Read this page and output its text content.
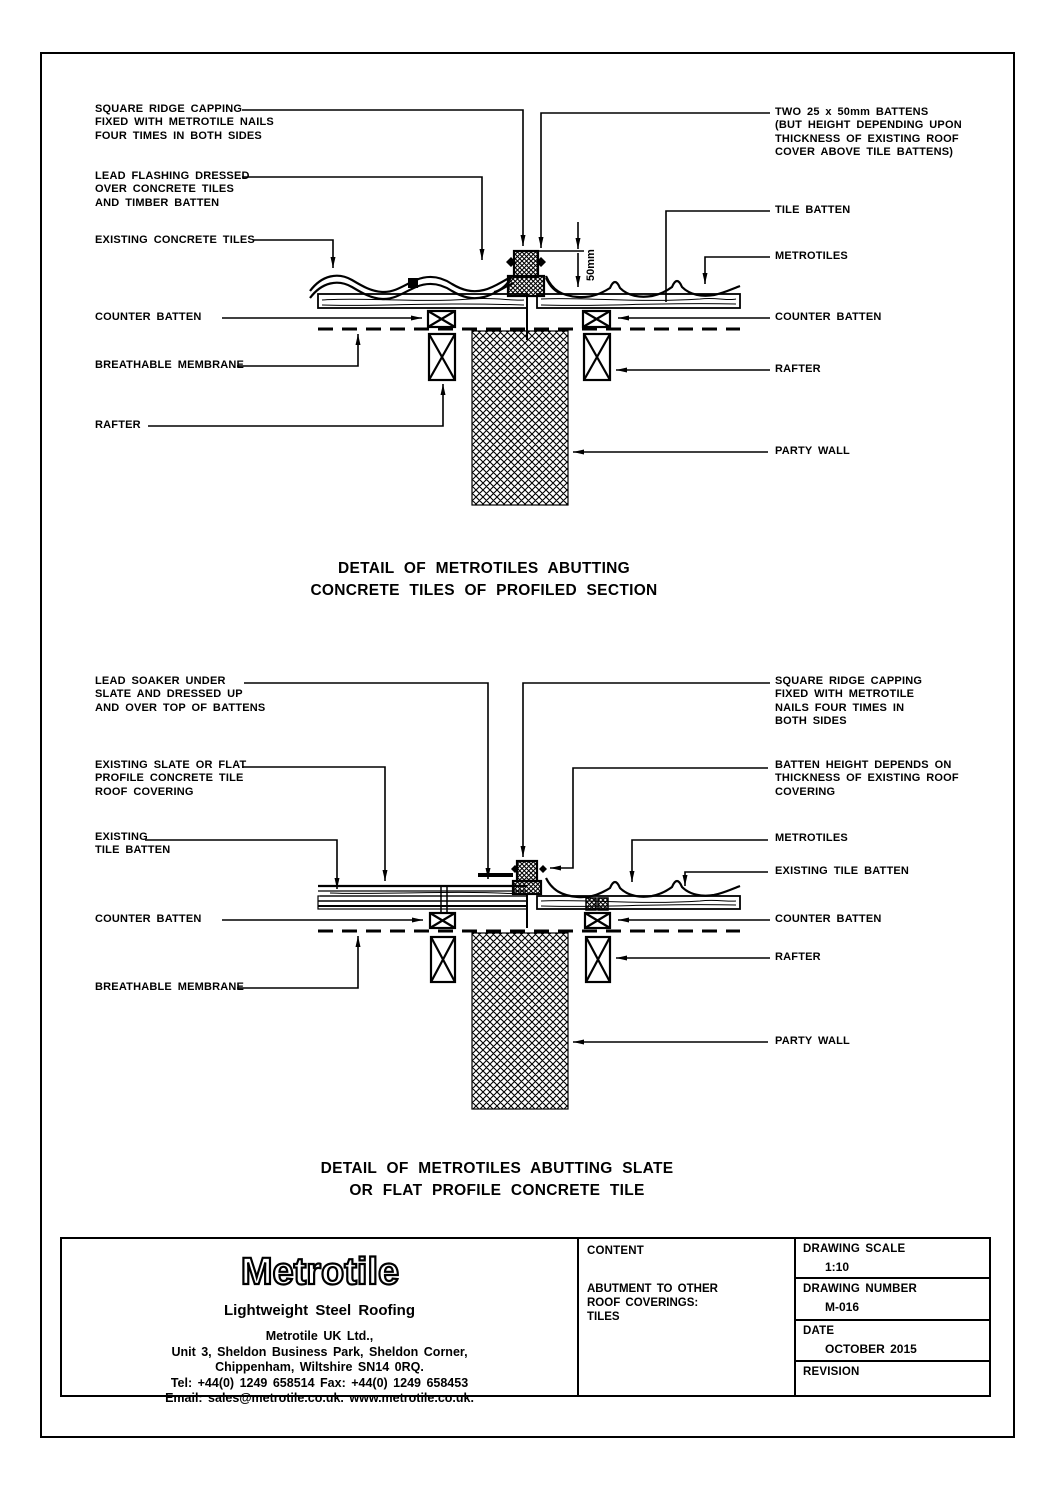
SQUARE RIDGE CAPPING
FIXED WITH METROTILE NAILS
FOUR TIMES IN BOTH SIDES
LEAD FLASHING DRESSED
OVER CONCRETE TILES
AND TIMBER BATTEN
EXISTING CONCRETE TILES
COUNTER BATTEN
BREATHABLE MEMBRANE
RAFTER
TWO 25 x 50mm BATTENS
(BUT HEIGHT DEPENDING UPON
THICKNESS OF EXISTING ROOF
COVER ABOVE TILE BATTENS)
TILE BATTEN
METROTILES
COUNTER BATTEN
RAFTER
PARTY WALL
50mm
DETAIL OF METROTILES ABUTTING
CONCRETE TILES OF PROFILED SECTION
LEAD SOAKER UNDER
SLATE AND DRESSED UP
AND OVER TOP OF BATTENS
EXISTING SLATE OR FLAT
PROFILE CONCRETE TILE
ROOF COVERING
EXISTING
TILE BATTEN
COUNTER BATTEN
BREATHABLE MEMBRANE
SQUARE RIDGE CAPPING
FIXED WITH METROTILE
NAILS FOUR TIMES IN
BOTH SIDES
BATTEN HEIGHT DEPENDS ON
THICKNESS OF EXISTING ROOF
COVERING
METROTILES
EXISTING TILE BATTEN
COUNTER BATTEN
RAFTER
PARTY WALL
DETAIL OF METROTILES ABUTTING SLATE
OR FLAT PROFILE CONCRETE TILE
Metrotile
Lightweight Steel Roofing
Metrotile UK Ltd.,
Unit 3, Sheldon Business Park, Sheldon Corner,
Chippenham, Wiltshire SN14 0RQ.
Tel: +44(0) 1249 658514 Fax: +44(0) 1249 658453
Email: sales@metrotile.co.uk. www.metrotile.co.uk.
CONTENT
ABUTMENT TO OTHER
ROOF COVERINGS:
TILES
DRAWING SCALE
1:10
DRAWING NUMBER
M-016
DATE
OCTOBER 2015
REVISION
